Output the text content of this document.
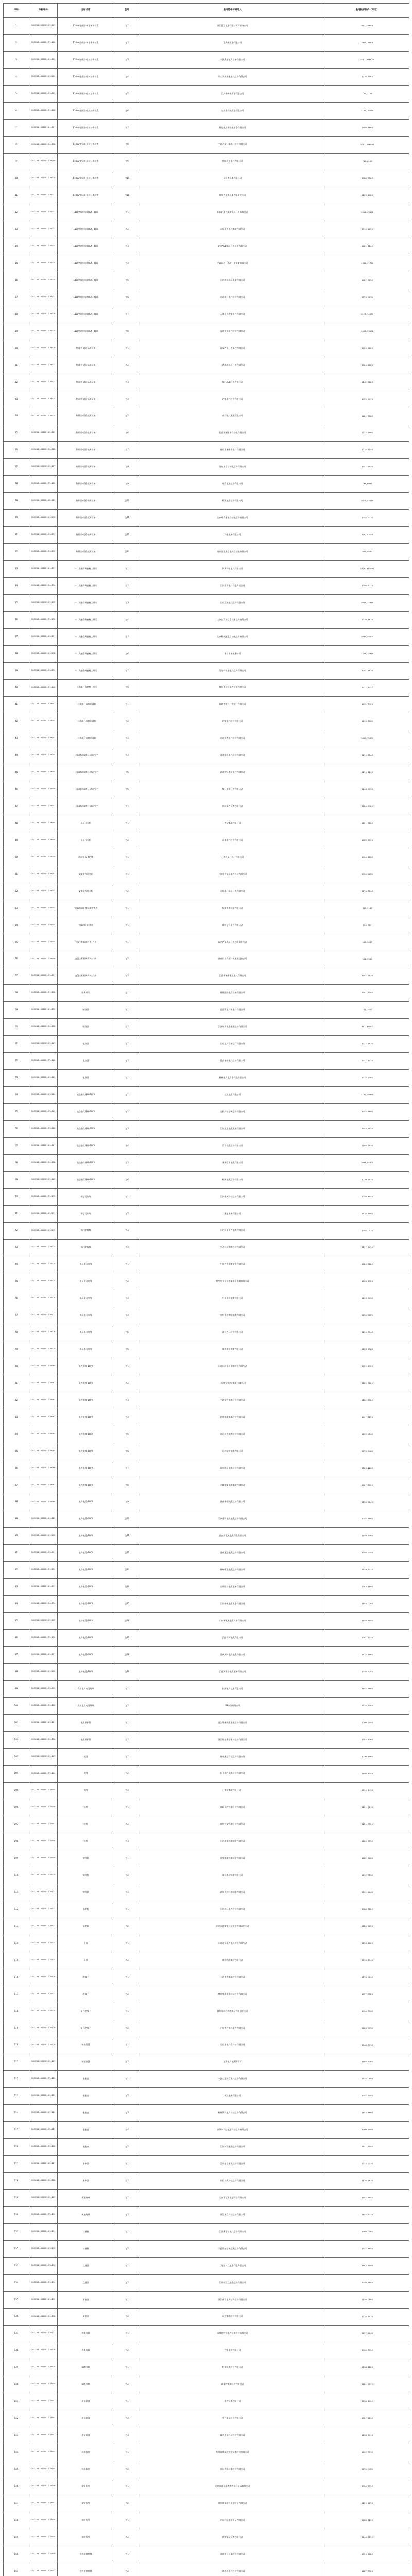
序号	分标编号	分标名称	包号	最终的中标候选人	最终投标报价（万元）
1	CG1Z48-1002001-110001	110kV变压器-单器本体装置	包1	浙江置信电器有限公司同伴分公司	680, 2035.8
2	CG1Z48-1002001-110002	110kV变压器-单器本体装置	包2	上海变压器有限公司	2345, 856.9
3	CG1Z48-1002001-110003	110kV变压器-组装分体装置	包3	宁波奥德电力设备有限公司	1051, 666876
4	CG1Z48-1002001-110004	110kV变压器-组装分体装置	包4	保定天威保变电气股份有限公司	1270, 3085
5	CG1Z48-1002001-110005	110kV变压器-组装分体装置	包5	江苏华鹏变压器有限公司	782, 2156
6	CG1Z48-1002001-110006	110kV变压器-组装分体装置	包6	山东泰开变压器有限公司	1146, 20479
7	CG1Z48-1002001-110007	110kV变压器-组装分体装置	包7	特变电工衡阳变压器有限公司	1480, 3866
8	CG1Z48-1002001-110008	110kV变压器-组装分体装置	包8	宁波天安（集团）股份有限公司	1097, 096060
9	CG1Z48-1002001-110009	110kV变压器-组装分体装置	包9	沈阳天通电气有限公司	742, 8198
10	CG1Z48-1002001-110010	110kV变压器-组装分体装置	包10	吴江变压器有限公司	1086, 3165
11	CG1Z48-1002001-110011	110kV变压器-组装分体装置	包11	常州西电变压器有限责任公司	1125, 4060
12	CG1Z48-1002001-110012	110kV组合电器(GIS)-间隔	包1	新东北电气集团高压开关有限公司	1394, 95198
13	CG1Z48-1002001-110013	110kV组合电器(GIS)-间隔	包2	山东电工电气集团有限公司	1914, 1655
14	CG1Z48-1002001-110014	110kV组合电器(GIS)-间隔	包3	北京ABB高压开关设备有限公司	1561, 4260
15	CG1Z48-1002001-110015	110kV组合电器(GIS)-间隔	包4	平高东芝（廊坊）避雷器有限公司	1365, 11760
16	CG1Z48-1002001-110016	110kV组合电器(GIS)-间隔	包5	江苏如高高压电器有限公司	1487, 8195
17	CG1Z48-1002001-110017	110kV组合电器(GIS)-间隔	包6	北京北开电气股份有限公司	1273, 7610
18	CG1Z48-1002001-110018	110kV组合电器(GIS)-间隔	包7	天津平高智能电气有限公司	1223, 74579
19	CG1Z48-1002001-110019	110kV组合电器(GIS)-间隔	包8	河南平高电气股份有限公司	1455, 59198
20	CG1Z48-1002001-110020	物资类-试验检测设备	包1	西安西电开关电气有限公司	1096, 6800
21	CG1Z48-1002001-110021	物资类-试验检测设备	包2	上海思源高压开关有限公司	1369, 4685
22	CG1Z48-1002001-110022	物资类-试验检测设备	包3	厦门ABB开关有限公司	1142, 5863
23	CG1Z48-1002001-110023	物资类-试验检测设备	包4	许继电气股份有限公司	1095, 9470
24	CG1Z48-1002001-110024	物资类-试验检测设备	包5	泰开电气集团有限公司	1281, 5820
25	CG1Z48-1002001-110025	物资类-试验检测设备	包6	长园深瑞继保自动化有限公司	1032, 9900
26	CG1Z48-1002001-110026	物资类-试验检测设备	包7	南京南瑞继保电气有限公司	1215, 5140
27	CG1Z48-1002001-110027	物资类-试验检测设备	包8	国电南京自动化股份有限公司	1057, 6930
28	CG1Z48-1002001-110028	物资类-试验检测设备	包9	东方电子股份有限公司	794, 6905
29	CG1Z48-1002001-110029	物资类-试验检测设备	包10	积成电子股份有限公司	1018, 53060
30	CG1Z48-1002001-110030	物资类-试验检测设备	包11	北京四方继保自动化股份有限公司	1054, 7270
31	CG1Z48-1002001-110031	物资类-试验检测设备	包12	许继集团有限公司	778, 80958
32	CG1Z48-1002001-110032	物资类-试验检测设备	包13	南京国电南自电网自动化有限公司	846, 0540
33	CG1Z48-1002001-110033	一二次融合成套柱上开关	包1	珠海许继电气有限公司	1376, 913090
34	CG1Z48-1002001-110034	一二次融合成套柱上开关	包2	江苏宏源电气有限责任公司	1096, 1725
35	CG1Z48-1002001-110035	一二次融合成套柱上开关	包3	北京双杰电气股份有限公司	1083, 14860
36	CG1Z48-1002001-110036	一二次融合成套柱上开关	包4	上海宏力达信息技术股份有限公司	1079, 1620
37	CG1Z48-1002001-110037	一二次融合成套柱上开关	包5	北京科锐配电自动化股份有限公司	1065, 48000
38	CG1Z48-1002001-110038	一二次融合成套柱上开关	包6	南京南瑞集团公司	1236, 24979
39	CG1Z48-1002001-110039	一二次融合成套柱上开关	包7	青岛特锐德电气股份有限公司	1261, 1620
40	CG1Z48-1002001-110040	一二次融合成套柱上开关	包8	常州太平洋电力设备有限公司	1077, 4437
41	CG1Z48-1002001-110041	一二次融合成套环网箱	包1	施耐德电气（中国）有限公司	1092, 3420
42	CG1Z48-1002001-110042	一二次融合成套环网箱	包2	许继电气股份有限公司	1276, 7000
43	CG1Z48-1002001-110043	一二次融合成套环网箱	包3	北京双杰电气股份有限公司	1089, 75000
44	CG1Z48-1002001-110044	一二次融合成套环网箱-空气	包4	河北旭辉电气股份有限公司	1270, 2140
45	CG1Z48-1002001-110045	一二次融合成套环网箱-空气	包5	湖北世纪森源电气有限公司	1215, 4265
46	CG1Z48-1002001-110046	一二次融合成套环网箱-空气	包6	厦门华电开关有限公司	1248, 9598
47	CG1Z48-1002001-110047	一二次融合成套环网箱-空气	包7	长园电力技术有限公司	1084, 5380
48	CG1Z48-1002001-110048	高压开关柜	包1	大全集团有限公司	1231, 3120
49	CG1Z48-1002001-110049	高压开关柜	包2	正泰电气股份有限公司	1025, 7990
50	CG1Z48-1002001-110050	环网柜-SF6绝缘	包1	上海天灵开关厂有限公司	1054, 4120
51	CG1Z48-1002001-110051	交流盘式开关柜	包1	上海金智晟东电力科技有限公司	1094, 5850
52	CG1Z48-1002001-110052	交流盘式开关柜	包2	山东泰开高压开关有限公司	1173, 3140
53	CG1Z48-1002001-110053	交流避雷器-变压器中性点	包1	抚顺电瓷制造有限公司	389, 9110
54	CG1Z48-1002001-110054	交流避雷器-线路	包1	南阳金冠电气有限公司	396, 517
55	CG1Z48-1002001-110055	交流三相隔离开关-户外	包1	西安西电高压开关有限责任公司	486, 3690
56	CG1Z48-1002001-110056	交流三相隔离开关-户外	包2	湖南长高高压开关集团股份公司	534, 5560
57	CG1Z48-1002001-110057	交流三相隔离开关-户外	包3	江苏南瑞泰事达电气有限公司	1102, 2520
58	CG1Z48-1002001-110058	隔离开关	包1	福建国网电力设备有限公司	1281, 8300
59	CG1Z48-1002001-110059	断路器	包1	西安西电开关电气有限公司	741, 7610
60	CG1Z48-1002001-110060	断路器	包2	江苏东源电器集团股份有限公司	861, 39007
61	CG1Z48-1002001-110061	电抗器	包1	北京电力设备总厂有限公司	1025, 7820
62	CG1Z48-1002001-110062	电抗器	包2	西安中扬电气股份有限公司	1037, 1410
63	CG1Z48-1002001-110063	电容器	包1	桂林电力电容器有限责任公司	1014, 2380
64	CG1Z48-1002001-110064	架空绝缘导线-10kV	包1	远东电缆有限公司	1162, 49895
65	CG1Z48-1002001-110065	架空绝缘导线-10kV	包2	宝胜科技创新股份有限公司	1055, 8600
66	CG1Z48-1002001-110066	架空绝缘导线-10kV	包3	江苏上上电缆集团有限公司	1203, 6530
67	CG1Z48-1002001-110067	架空绝缘导线-10kV	包4	青岛汉缆股份有限公司	1186, 2530
68	CG1Z48-1002001-110068	架空绝缘导线-10kV	包5	无锡江南电缆有限公司	1093, 94400
69	CG1Z48-1002001-110069	架空绝缘导线-10kV	包6	杭州电缆股份有限公司	1229, 2570
70	CG1Z48-1002001-110070	钢芯铝绞线	包1	江苏中天科技股份有限公司	1059, 4540
71	CG1Z48-1002001-110071	钢芯铝绞线	包2	通鼎集团有限公司	1170, 7500
72	CG1Z48-1002001-110072	钢芯铝绞线	包3	江苏亨通电力电缆有限公司	1094, 0425
73	CG1Z48-1002001-110073	钢芯铝绞线	包4	中天科技海缆股份有限公司	1177, 6410
74	CG1Z48-1002001-110074	低压电力电缆	包1	广东吉青电缆实业有限公司	1060, 5860
75	CG1Z48-1002001-110075	低压电力电缆	包2	特变电工山东鲁能泰山电缆有限公司	1064, 6360
76	CG1Z48-1002001-110076	低压电力电缆	包3	广州南洋电缆有限公司	1133, 5050
77	CG1Z48-1002001-110077	低压电力电缆	包4	金杯电工衡阳电缆有限公司	1135, 3525
78	CG1Z48-1002001-110078	低压电力电缆	包5	浙江万马股份有限公司	1210, 8940
79	CG1Z48-1002001-110079	低压电力电缆	包6	重庆泰山电缆有限公司	1123, 6380
80	CG1Z48-1002001-110080	电力电缆-10kV	包1	江苏远洋东泽电缆股份有限公司	1095, 4300
81	CG1Z48-1002001-110081	电力电缆-10kV	包2	上海胜华电缆(集团)有限公司	1105, 3020
82	CG1Z48-1002001-110082	电力电缆-10kV	包3	宁波东方电缆股份有限公司	1182, 0360
83	CG1Z48-1002001-110083	电力电缆-10kV	包4	昆明电缆集团股份有限公司	1047, 9290
84	CG1Z48-1002001-110084	电力电缆-10kV	包5	浙江晨光电缆股份有限公司	1135, 0640
85	CG1Z48-1002001-110085	电力电缆-10kV	包6	江苏宝安电缆有限公司	1173, 5460
86	CG1Z48-1002001-110086	电力电缆-10kV	包7	四川明星电缆股份有限公司	1163, 1200
87	CG1Z48-1002001-110087	电力电缆-10kV	包8	安徽华能电缆集团有限公司	1087, 9090
88	CG1Z48-1002001-110088	电力电缆-10kV	包9	湖南华菱线缆股份有限公司	1130, 3840
89	CG1Z48-1002001-110089	电力电缆-10kV	包10	天津金山电线电缆股份有限公司	1044, 8900
90	CG1Z48-1002001-110090	电力电缆-10kV	包11	西安西电光电缆有限责任公司	1159, 5480
91	CG1Z48-1002001-110091	电力电缆-10kV	包12	河南通达电缆股份有限公司	1098, 9350
92	CG1Z48-1002001-110092	电力电缆-10kV	包13	扬州曙光电缆股份有限公司	1129, 7310
93	CG1Z48-1002001-110093	电力电缆-10kV	包14	山东阳谷电缆集团有限公司	1063, 1890
94	CG1Z48-1002001-110094	电力电缆-10kV	包15	江苏华光电缆电器有限公司	1193, 0280
95	CG1Z48-1002001-110095	电力电缆-10kV	包16	广东新亚光电缆实业有限公司	1149, 6050
96	CG1Z48-1002001-110096	电力电缆-10kV	包17	沈阳古河电缆有限公司	1081, 2330
97	CG1Z48-1002001-110097	电力电缆-10kV	包18	重庆鸽牌电线电缆有限公司	1115, 7980
98	CG1Z48-1002001-110098	电力电缆-10kV	包19	江西太平洋电缆集团有限公司	1036, 6240
99	CG1Z48-1002001-110099	高压电力电缆终端	包1	长园电力技术有限公司	1145, 8880
100	CG1Z48-1002001-110100	高压电力电缆终端	包2	3M中国有限公司	1078, 2480
101	CG1Z48-1002001-110101	电缆保护管	包1	河北华通线缆集团股份有限公司	1080, 2050
102	CG1Z48-1002001-110102	电缆保护管	包2	浙江伟星新型建材股份有限公司	1084, 6360
103	CG1Z48-1002001-110103	光缆	包1	烽火通信科技股份有限公司	1030, 1560
104	CG1Z48-1002001-110104	光缆	包2	长飞光纤光缆股份有限公司	1190, 6450
105	CG1Z48-1002001-110105	光缆	包3	富通集团有限公司	1016, 2410
106	CG1Z48-1002001-110106	铁塔	包1	青岛东方铁塔股份有限公司	1191, 0610
107	CG1Z48-1002001-110107	铁塔	包2	潍坊长安铁塔股份有限公司	1129, 0330
108	CG1Z48-1002001-110108	铁塔	包3	江苏华电铁塔制造有限公司	1164, 5730
109	CG1Z48-1002001-110109	钢管杆	包1	重庆顺泰铁塔制造有限公司	1082, 5100
110	CG1Z48-1002001-110110	钢管杆	包2	浙江盛达铁塔有限公司	1112, 0130
111	CG1Z48-1002001-110111	钢管杆	包3	湖州飞剑杆塔制造有限公司	1141, 1640
112	CG1Z48-1002001-110112	水泥杆	包1	江苏神马电力股份有限公司	1066, 3520
113	CG1Z48-1002001-110113	水泥杆	包2	北京国电富通科技发展有限责任公司	1200, 9030
114	CG1Z48-1002001-110114	金具	包1	江苏双汇电力发展股份有限公司	1133, 4100
115	CG1Z48-1002001-110115	金具	包2	南京线路器材有限公司	1018, 7740
116	CG1Z48-1002001-110116	绝缘子	包1	大连电瓷集团股份有限公司	1179, 9630
117	CG1Z48-1002001-110117	绝缘子	包2	醴陵华鑫电瓷科技股份有限公司	1057, 0380
118	CG1Z48-1002001-110118	复合绝缘子	包1	襄阳国网合成绝缘子有限责任公司	1094, 3340
119	CG1Z48-1002001-110119	复合绝缘子	包2	广州市迈克林电力有限公司	1163, 9930
120	CG1Z48-1002001-110120	接地装置	包1	北京中电兴发科技有限公司	1048, 6010
121	CG1Z48-1002001-110121	接地装置	包2	上海电力电缆附件厂	1186, 6780
122	CG1Z48-1002001-110122	电能表	包1	宁波三星医疗电气股份有限公司	1125, 0890
123	CG1Z48-1002001-110123	电能表	包2	威胜集团有限公司	1097, 3450
124	CG1Z48-1002001-110124	电能表	包3	杭州海兴电力科技股份有限公司	1153, 7660
125	CG1Z48-1002001-110125	电能表	包4	深圳市科陆电子科技股份有限公司	1069, 9990
126	CG1Z48-1002001-110126	电能表	包5	江苏林洋能源股份有限公司	1141, 5100
127	CG1Z48-1002001-110127	集中器	包1	青岛鼎信通讯股份有限公司	1033, 2770
128	CG1Z48-1002001-110128	集中器	包2	东软载波科技股份有限公司	1176, 7820
129	CG1Z48-1002001-110129	采集终端	包1	北京智芯微电子科技有限公司	1102, 8940
130	CG1Z48-1002001-110130	采集终端	包2	浙江华立科技股份有限公司	1144, 5230
131	CG1Z48-1002001-110131	计量箱	包1	江苏斯菲尔电气股份有限公司	1069, 0060
132	CG1Z48-1002001-110132	计量箱	包2	宁夏隆基宁光仪表股份有限公司	1127, 4650
133	CG1Z48-1002001-110133	互感器	包1	大连第一互感器有限责任公司	1183, 6190
134	CG1Z48-1002001-110134	互感器	包2	江苏靖江互感器股份有限公司	1059, 8890
135	CG1Z48-1002001-110135	蓄电池	包1	浙江南都电源动力股份有限公司	1136, 0880
136	CG1Z48-1002001-110136	蓄电池	包2	双登集团股份有限公司	1078, 9410
137	CG1Z48-1002001-110137	直流电源	包1	深圳奥特迅电力设备股份有限公司	1117, 2640
138	CG1Z48-1002001-110138	直流电源	包2	许继电源有限公司	1096, 3990
139	CG1Z48-1002001-110139	UPS电源	包1	科华恒盛股份有限公司	1148, 1120
140	CG1Z48-1002001-110140	UPS电源	包2	易事特集团股份有限公司	1021, 9570
141	CG1Z48-1002001-110141	通信设备	包1	华为技术有限公司	1198, 4760
142	CG1Z48-1002001-110142	通信设备	包2	中兴通讯股份有限公司	1087, 1830
143	CG1Z48-1002001-110143	通信设备	包3	烽火通信科技股份有限公司	1158, 6410
144	CG1Z48-1002001-110144	视频监控	包1	杭州海康威视数字技术股份有限公司	1032, 3970
145	CG1Z48-1002001-110145	视频监控	包2	浙江大华技术股份有限公司	1175, 0450
146	CG1Z48-1002001-110146	安防系统	包1	北京国网信通埃森哲信息技术有限公司	1094, 7330
147	CG1Z48-1002001-110147	安防系统	包2	南京南瑞信息通信科技有限公司	1129, 8250
148	CG1Z48-1002001-110148	消防系统	包1	北京利达华信电子有限公司	1066, 5200
149	CG1Z48-1002001-110149	消防系统	包2	海湾安全技术有限公司	1140, 9170
150	CG1Z48-1002001-110150	在线监测装置	包1	河南中分仪器股份有限公司	1053, 6620
151	CG1Z48-1002001-110151	在线监测装置	包2	上海思源电气股份有限公司	1187, 3960
